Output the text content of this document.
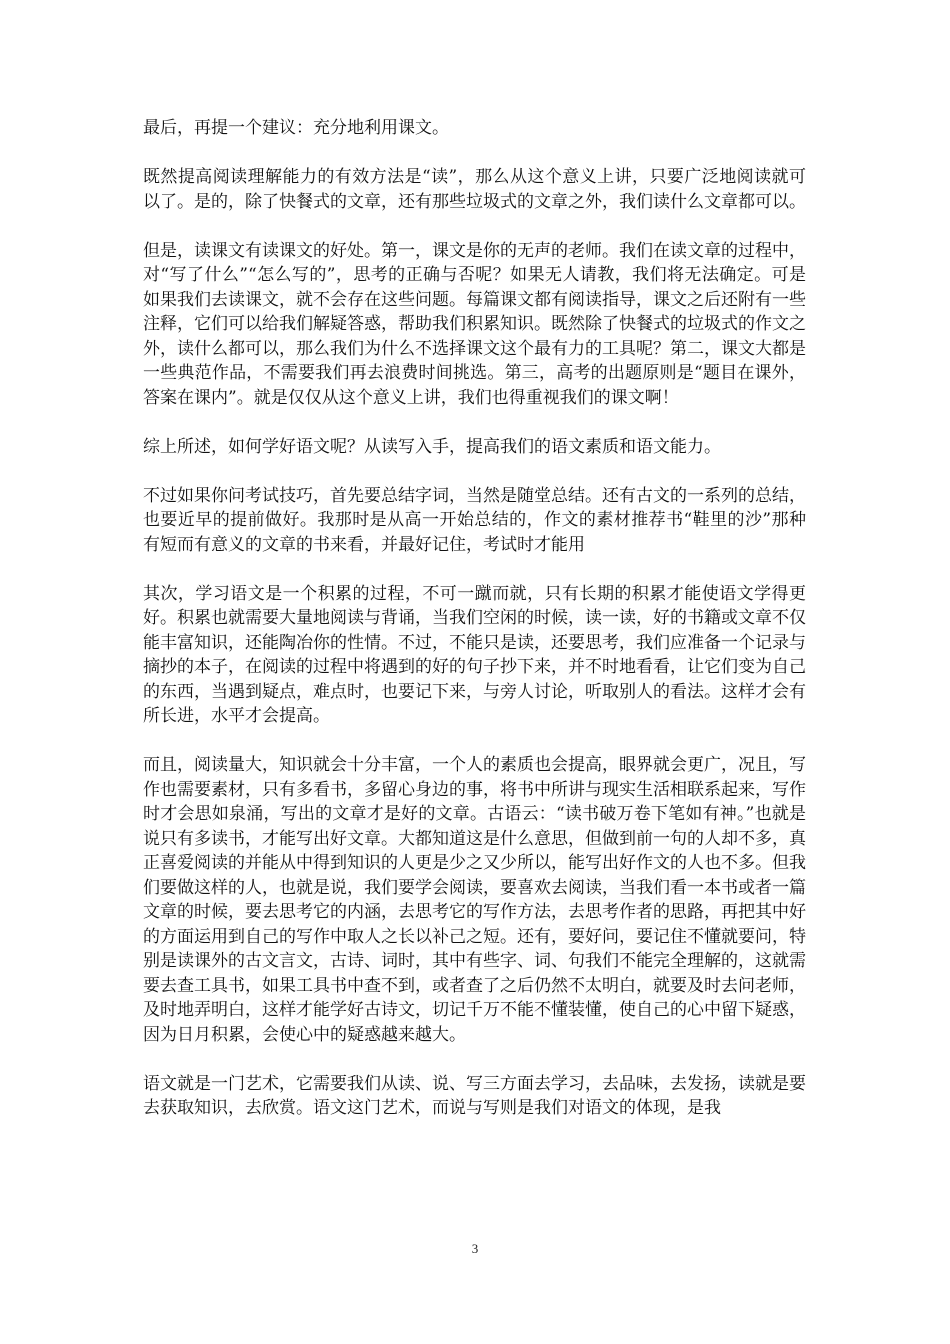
最后，再提一个建议：充分地利用课文。

既然提高阅读理解能力的有效方法是“读”，那么从这个意义上讲，只要广泛地阅读就可以了。是的，除了快餐式的文章，还有那些垃圾式的文章之外，我们读什么文章都可以。

但是，读课文有读课文的好处。第一，课文是你的无声的老师。我们在读文章的过程中，对“写了什么”“怎么写的”，思考的正确与否呢？如果无人请教，我们将无法确定。可是如果我们去读课文，就不会存在这些问题。每篇课文都有阅读指导，课文之后还附有一些注释，它们可以给我们解疑答惑，帮助我们积累知识。既然除了快餐式的垃圾式的作文之外，读什么都可以，那么我们为什么不选择课文这个最有力的工具呢？第二，课文大都是一些典范作品，不需要我们再去浪费时间挑选。第三，高考的出题原则是“题目在课外，答案在课内”。就是仅仅从这个意义上讲，我们也得重视我们的课文啊！

综上所述，如何学好语文呢？从读写入手，提高我们的语文素质和语文能力。

不过如果你问考试技巧，首先要总结字词，当然是随堂总结。还有古文的一系列的总结，也要近早的提前做好。我那时是从高一开始总结的，作文的素材推荐书“鞋里的沙”那种有短而有意义的文章的书来看，并最好记住，考试时才能用

其次，学习语文是一个积累的过程，不可一蹴而就，只有长期的积累才能使语文学得更好。积累也就需要大量地阅读与背诵，当我们空闲的时候，读一读，好的书籍或文章不仅能丰富知识，还能陶冶你的性情。不过，不能只是读，还要思考，我们应准备一个记录与摘抄的本子，在阅读的过程中将遇到的好的句子抄下来，并不时地看看，让它们变为自己的东西，当遇到疑点，难点时，也要记下来，与旁人讨论，听取别人的看法。这样才会有所长进，水平才会提高。

而且，阅读量大，知识就会十分丰富，一个人的素质也会提高，眼界就会更广，况且，写作也需要素材，只有多看书，多留心身边的事，将书中所讲与现实生活相联系起来，写作时才会思如泉涌，写出的文章才是好的文章。古语云：“读书破万卷下笔如有神。”也就是说只有多读书，才能写出好文章。大都知道这是什么意思，但做到前一句的人却不多，真正喜爱阅读的并能从中得到知识的人更是少之又少所以，能写出好作文的人也不多。但我们要做这样的人，也就是说，我们要学会阅读，要喜欢去阅读，当我们看一本书或者一篇文章的时候，要去思考它的内涵，去思考它的写作方法，去思考作者的思路，再把其中好的方面运用到自己的写作中取人之长以补己之短。还有，要好问，要记住不懂就要问，特别是读课外的古文言文，古诗、词时，其中有些字、词、句我们不能完全理解的，这就需要去查工具书，如果工具书中查不到，或者查了之后仍然不太明白，就要及时去问老师，及时地弄明白，这样才能学好古诗文，切记千万不能不懂装懂，使自己的心中留下疑惑，因为日月积累，会使心中的疑惑越来越大。

语文就是一门艺术，它需要我们从读、说、写三方面去学习，去品味，去发扬，读就是要去获取知识，去欣赏。语文这门艺术，而说与写则是我们对语文的体现，是我

3
